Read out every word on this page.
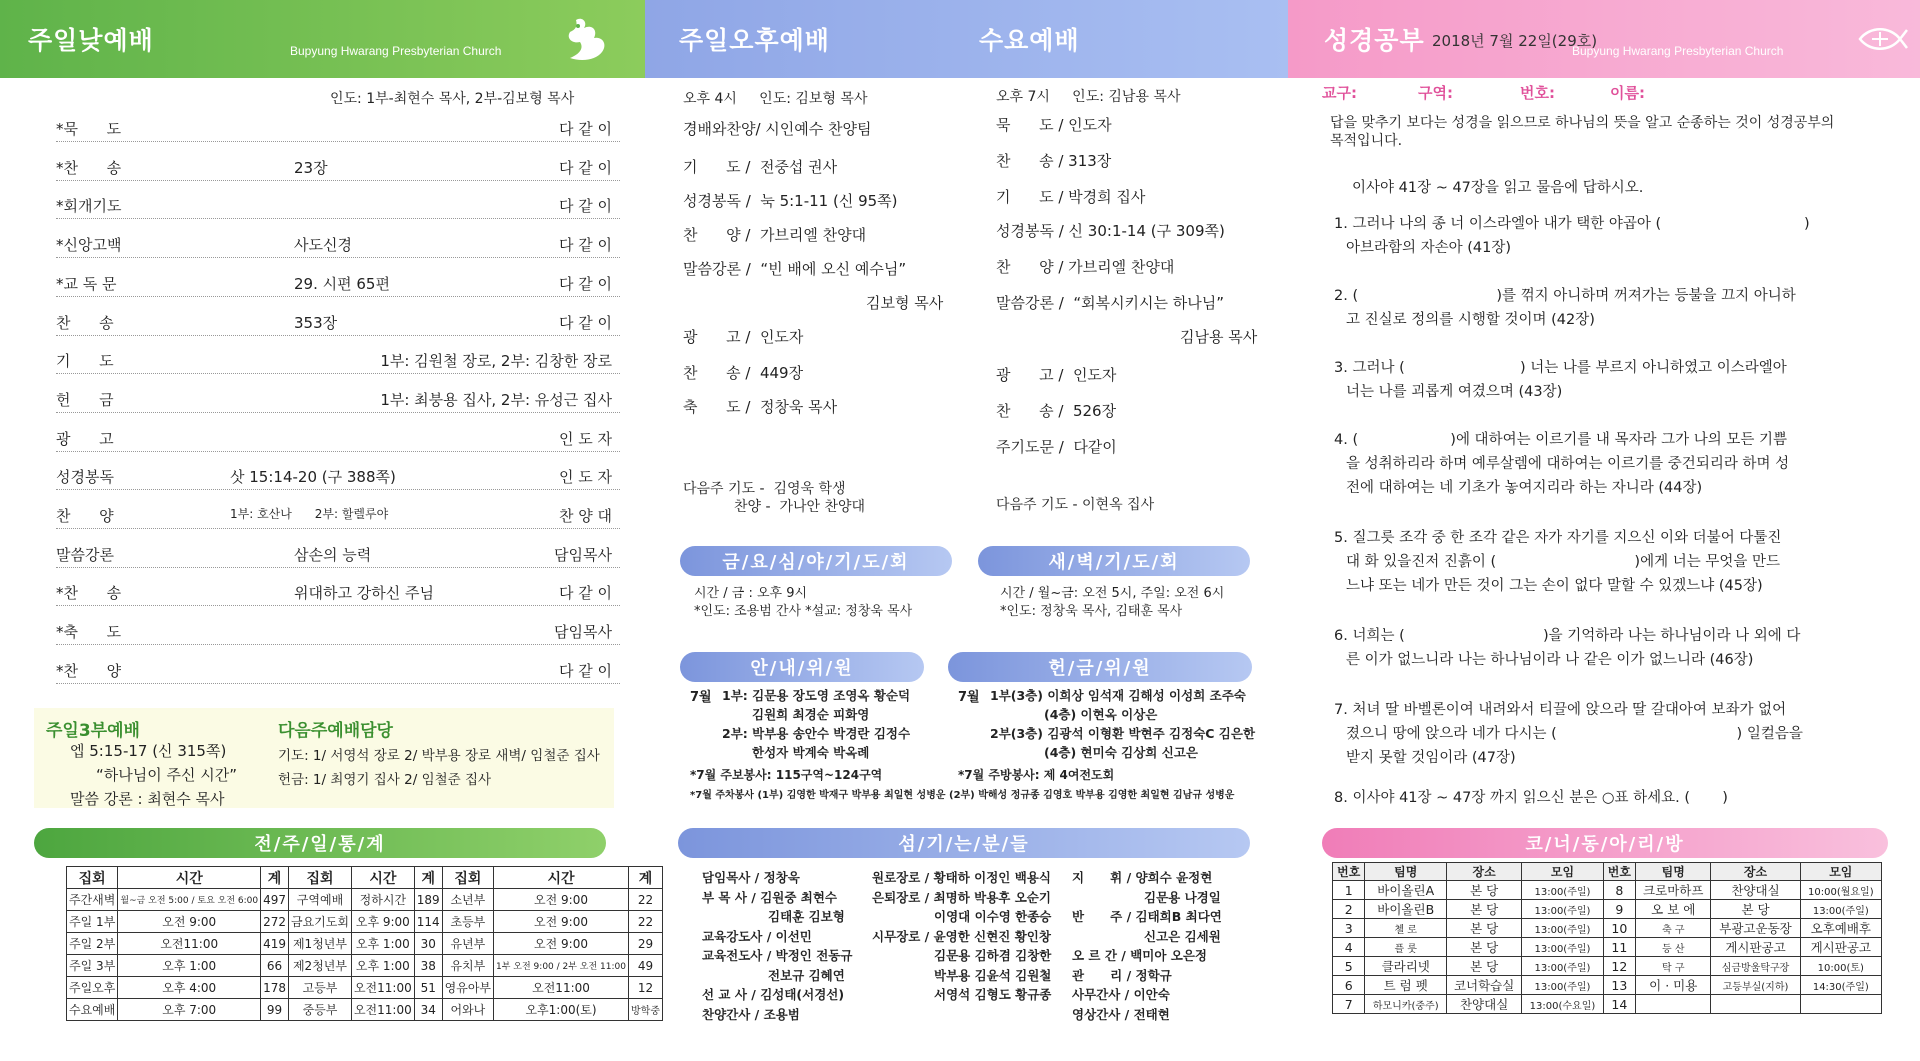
주일낮예배	Bupyung Hwarang Presbyterian Church	주일오후예배	수요예배	성경공부 2018년 7월 22일(29호)
Bupyung Hwarang Presbyterian Church
인도: 1부-최현수 목사, 2부-김보형 목사
*묵      도	다 같 이
*찬      송	23장	다 같 이
*회개기도	다 같 이
*신앙고백	사도신경	다 같 이
*교 독 문	29. 시편 65편	다 같 이
찬      송	353장	다 같 이
기      도	1부: 김원철 장로, 2부: 김창한 장로
헌      금	1부: 최붕용 집사, 2부: 유성근 집사
광      고	인 도 자
성경봉독	삿 15:14-20 (구 388쪽)	인 도 자
찬      양	1부: 호산나      2부: 할렐루야	찬 양 대
말씀강론	삼손의 능력	담임목사
*찬      송	위대하고 강하신 주님	다 같 이
*축      도	담임목사
*찬      양	다 같 이
주일3부예배
엡 5:15-17 (신 315쪽)
“하나님이 주신 시간”
말씀 강론 : 최현수 목사
다음주예배담당
기도: 1/ 서영석 장로 2/ 박부용 장로 새벽/ 임철준 집사
헌금: 1/ 최영기 집사 2/ 임철준 집사
전/주/일/통/계
집회	시간	계	집회	시간	계	집회	시간	계
주간새벽	월~금 오전 5:00 / 토요 오전 6:00	497	구역예배	정하시간	189	소년부	오전 9:00	22
주일 1부	오전 9:00	272	금요기도회	오후 9:00	114	초등부	오전 9:00	22
주일 2부	오전11:00	419	제1청년부	오후 1:00	30	유년부	오전 9:00	29
주일 3부	오후 1:00	66	제2청년부	오후 1:00	38	유치부	1부 오전 9:00 / 2부 오전 11:00	49
주일오후	오후 4:00	178	고등부	오전11:00	51	영유아부	오전11:00	12
수요예배	오후 7:00	99	중등부	오전11:00	34	어와나	오후1:00(토)	방학중
오후 4시     인도: 김보형 목사
경배와찬양/ 시인예수 찬양팀
기      도 /  전중섭 권사
성경봉독 /  눅 5:1-11 (신 95쪽)
찬      양 /  가브리엘 찬양대
말씀강론 /  “빈 배에 오신 예수님”
김보형 목사
광      고 /  인도자
찬      송 /  449장
축      도 /  정창욱 목사
다음주 기도 -  김영욱 학생
찬양 -  가나안 찬양대
오후 7시     인도: 김남용 목사
묵      도 / 인도자
찬      송 / 313장
기      도 / 박경희 집사
성경봉독 / 신 30:1-14 (구 309쪽)
찬      양 / 가브리엘 찬양대
말씀강론 /  “회복시키시는 하나님”
김남용 목사
광      고 /  인도자
찬      송 /  526장
주기도문 /  다같이
다음주 기도 - 이현옥 집사
금/요/심/야/기/도/회
시간 / 금 : 오후 9시
*인도: 조용범 간사 *설교: 정창욱 목사
새/벽/기/도/회
시간 / 월~금: 오전 5시, 주일: 오전 6시
*인도: 정창욱 목사, 김태훈 목사
안/내/위/원
7월 1부: 김문용 장도영 조영옥 황순덕
김원희 최경순 피화영
2부: 박부용 송안수 박경란 김정수
한성자 박계숙 박옥례
*7월 주보봉사: 115구역~124구역
헌/금/위/원
7월 1부(3층) 이희상 임석재 김해성 이성희 조주숙
(4층) 이현옥 이상은
2부(3층) 김광석 이형환 박현주 김정숙C 김은한
(4층) 현미숙 김상희 신고은
*7월 주방봉사: 제 4여전도회
*7월 주차봉사 (1부) 김영한 박재구 박부용 최일현 성병운 (2부) 박해성 정규종 김영호 박부용 김영한 최일현 김남규 성병운
섬/기/는/분/들
담임목사 / 정창욱
부 목 사 / 김원중 최현수
김태훈 김보형
교육강도사 / 이선민
교육전도사 / 박정인 전동규
전보규 김혜연
선 교 사 / 김성태(서경선)
찬양간사 / 조용범
원로장로 / 황태하 이정인 백용식
은퇴장로 / 최명하 박용후 오순기
이영대 이수영 한종승
시무장로 / 윤영한 신현진 황인창
김문용 김하겸 김창한
박부용 김윤석 김원철
서영석 김형도 황규종
지      휘 / 양희수 윤정현
김문용 나경일
반      주 / 김태희B 최다연
신고은 김세원
오 르 간 / 백미아 오은정
관      리 / 정학규
사무간사 / 이안숙
영상간사 / 전태현
교구:	구역:	번호:	이름:
답을 맞추기 보다는 성경을 읽으므로 하나님의 뜻을 알고 순종하는 것이 성경공부의 목적입니다.
이사야 41장 ~ 47장을 읽고 물음에 답하시오.
1. 그러나 나의 종 너 이스라엘아 내가 택한 야곱아 (                               )
아브라함의 자손아 (41장)
2. (                              )를 꺾지 아니하며 꺼져가는 등불을 끄지 아니하
고 진실로 정의를 시행할 것이며 (42장)
3. 그러나 (                         ) 너는 나를 부르지 아니하였고 이스라엘아
너는 나를 괴롭게 여겼으며 (43장)
4. (                    )에 대하여는 이르기를 내 목자라 그가 나의 모든 기쁨
을 성취하리라 하며 예루살렘에 대하여는 이르기를 중건되리라 하며 성
전에 대하여는 네 기초가 놓여지리라 하는 자니라 (44장)
5. 질그릇 조각 중 한 조각 같은 자가 자기를 지으신 이와 더불어 다툴진
대 화 있을진저 진흙이 (                              )에게 너는 무엇을 만드
느냐 또는 네가 만든 것이 그는 손이 없다 말할 수 있겠느냐 (45장)
6. 너희는 (                              )을 기억하라 나는 하나님이라 나 외에 다
른 이가 없느니라 나는 하나님이라 나 같은 이가 없느니라 (46장)
7. 처녀 딸 바벨론이여 내려와서 티끌에 앉으라 딸 갈대아여 보좌가 없어
졌으니 땅에 앉으라 네가 다시는 (                                       ) 일컬음을
받지 못할 것임이라 (47장)
8. 이사야 41장 ~ 47장 까지 읽으신 분은 ○표 하세요. (       )
코/너/동/아/리/방
번호	팀명	장소	모임	번호	팀명	장소	모임
1	바이올린A	본 당	13:00(주일)	8	크로마하프	찬양대실	10:00(월요일)
2	바이올린B	본 당	13:00(주일)	9	오 보 에	본 당	13:00(주일)
3	첼 로	본 당	13:00(주일)	10	축 구	부광고운동장	오후예배후
4	플 룻	본 당	13:00(주일)	11	등 산	게시판공고	게시판공고
5	클라리넷	본 당	13:00(주일)	12	탁 구	심금방울탁구장	10:00(토)
6	트 럼 펫	코너학습실	13:00(주일)	13	이 · 미용	고등부실(지하)	14:30(주일)
7	하모니카(중주)	찬양대실	13:00(수요일)	14			
